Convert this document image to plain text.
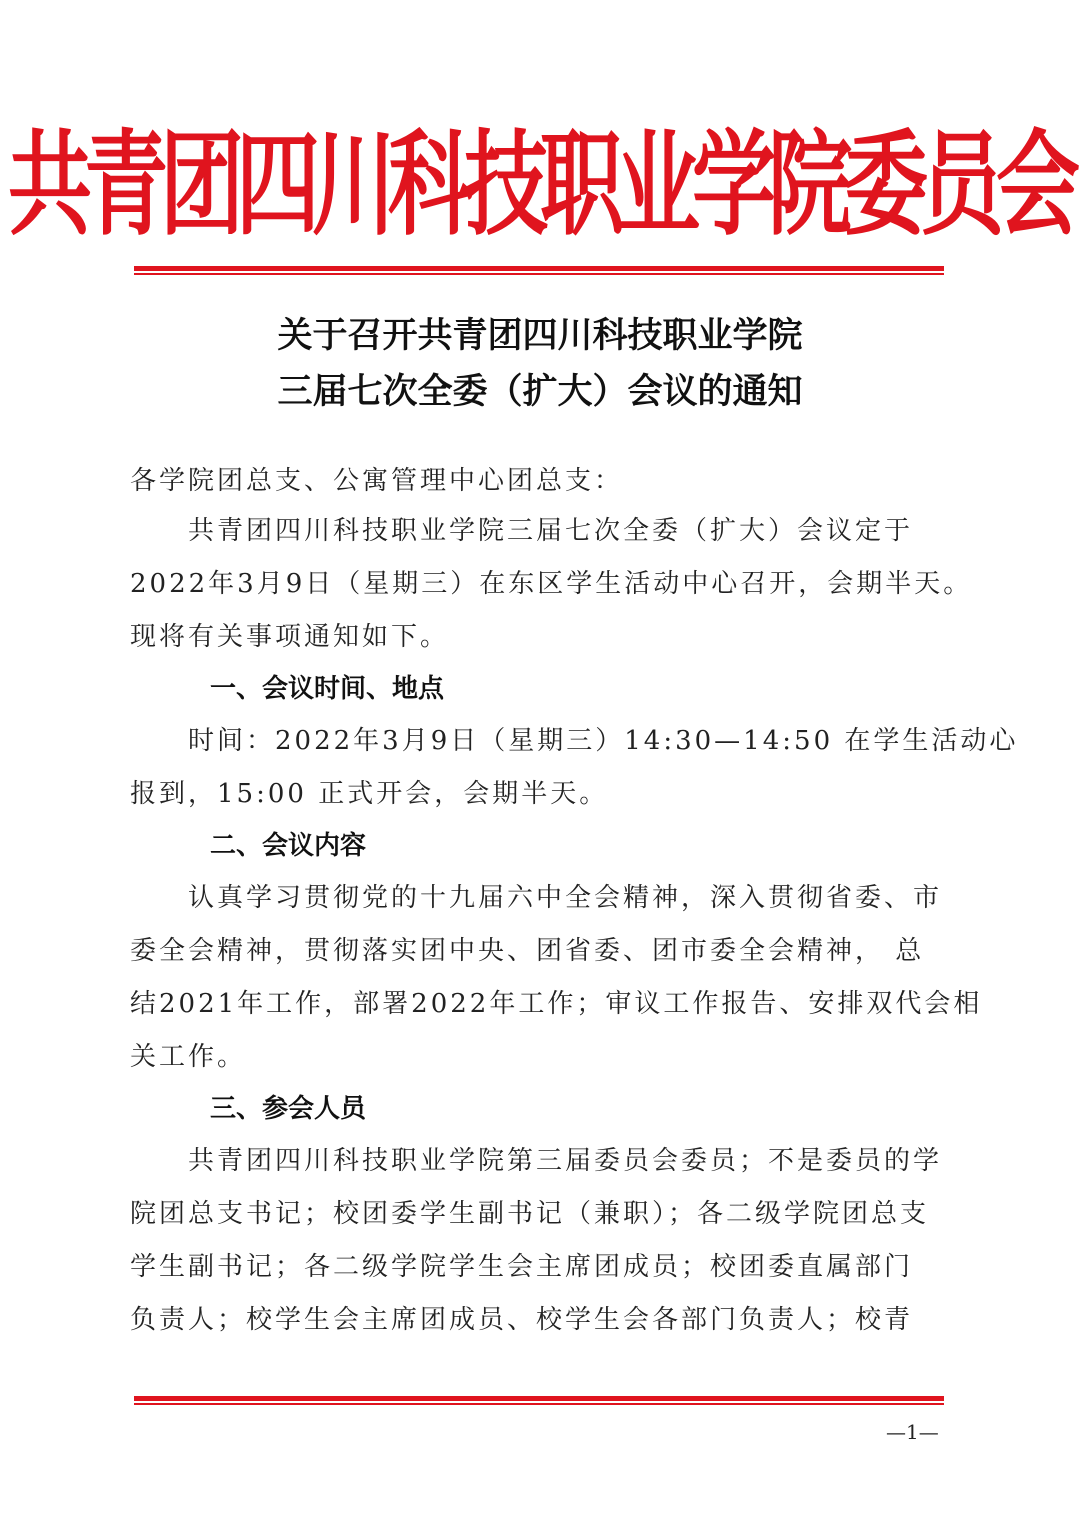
共青团四川科技职业学院委员会
关于召开共青团四川科技职业学院
三届七次全委（扩大）会议的通知
各学院团总支、公寓管理中心团总支：
共青团四川科技职业学院三届七次全委（扩大）会议定于
2022年3月9日（星期三）在东区学生活动中心召开，会期半天。
现将有关事项通知如下。
一、会议时间、地点
时间：2022年3月9日（星期三）14:30—14:50 在学生活动心
报到，15:00 正式开会，会期半天。
二、会议内容
认真学习贯彻党的十九届六中全会精神，深入贯彻省委、市
委全会精神，贯彻落实团中央、团省委、团市委全会精神， 总
结2021年工作，部署2022年工作；审议工作报告、安排双代会相
关工作。
三、参会人员
共青团四川科技职业学院第三届委员会委员；不是委员的学
院团总支书记；校团委学生副书记（兼职）；各二级学院团总支
学生副书记；各二级学院学生会主席团成员；校团委直属部门
负责人；校学生会主席团成员、校学生会各部门负责人；校青
—1—
